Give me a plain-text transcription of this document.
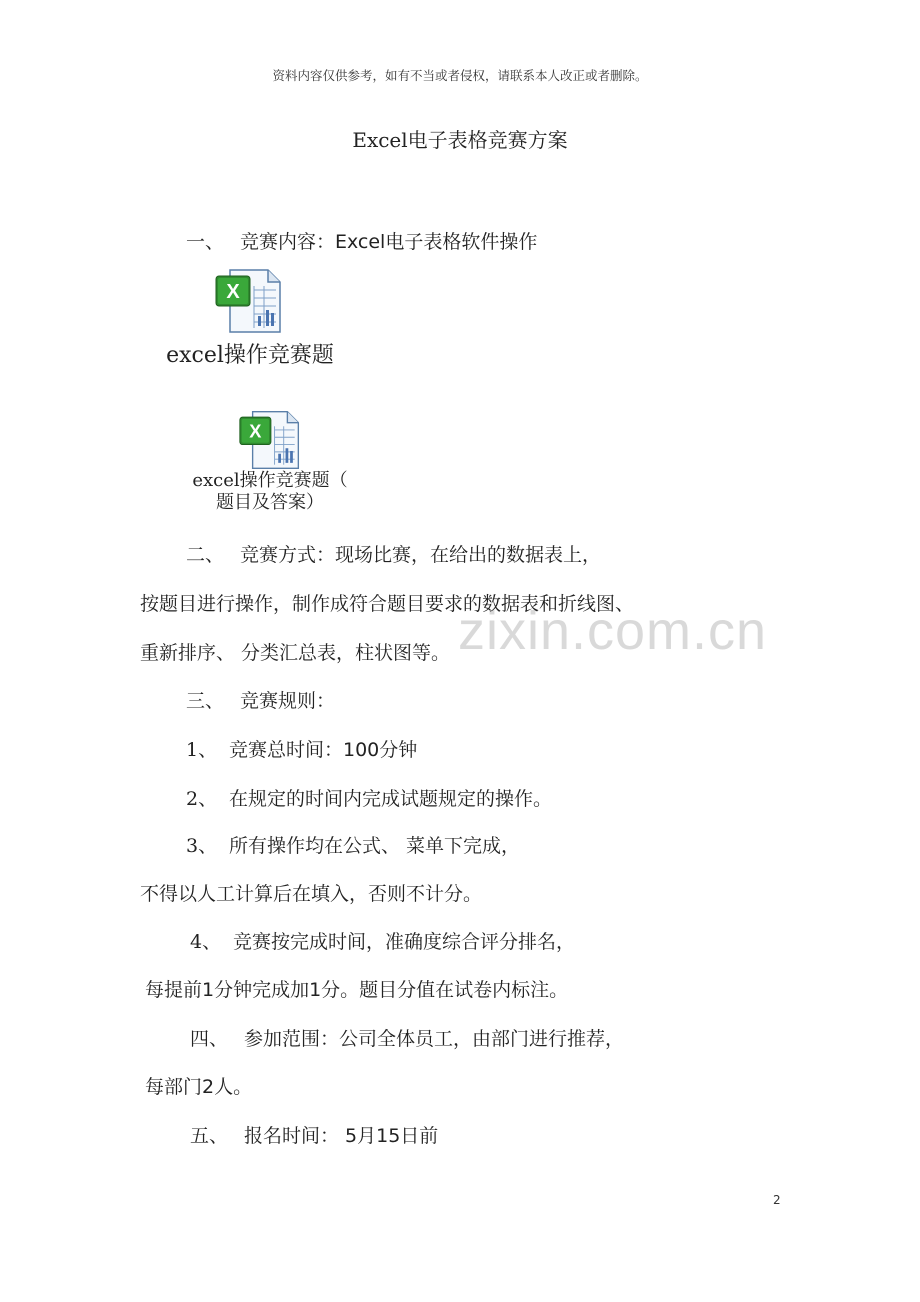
资料内容仅供参考，如有不当或者侵权，请联系本人改正或者删除。
Excel电子表格竞赛方案
一、 竞赛内容：Excel电子表格软件操作
X
excel操作竞赛题
X
excel操作竞赛题（
题目及答案）
zixin.com.cn
二、 竞赛方式：现场比赛，在给出的数据表上，
按题目进行操作，制作成符合题目要求的数据表和折线图、
重新排序、 分类汇总表，柱状图等。
三、 竞赛规则：
1、 竞赛总时间：100分钟
2、 在规定的时间内完成试题规定的操作。
3、 所有操作均在公式、 菜单下完成，
不得以人工计算后在填入，否则不计分。
4、 竞赛按完成时间，准确度综合评分排名，
每提前1分钟完成加1分。题目分值在试卷内标注。
四、 参加范围：公司全体员工，由部门进行推荐，
每部门2人。
五、 报名时间： 5月15日前
2
